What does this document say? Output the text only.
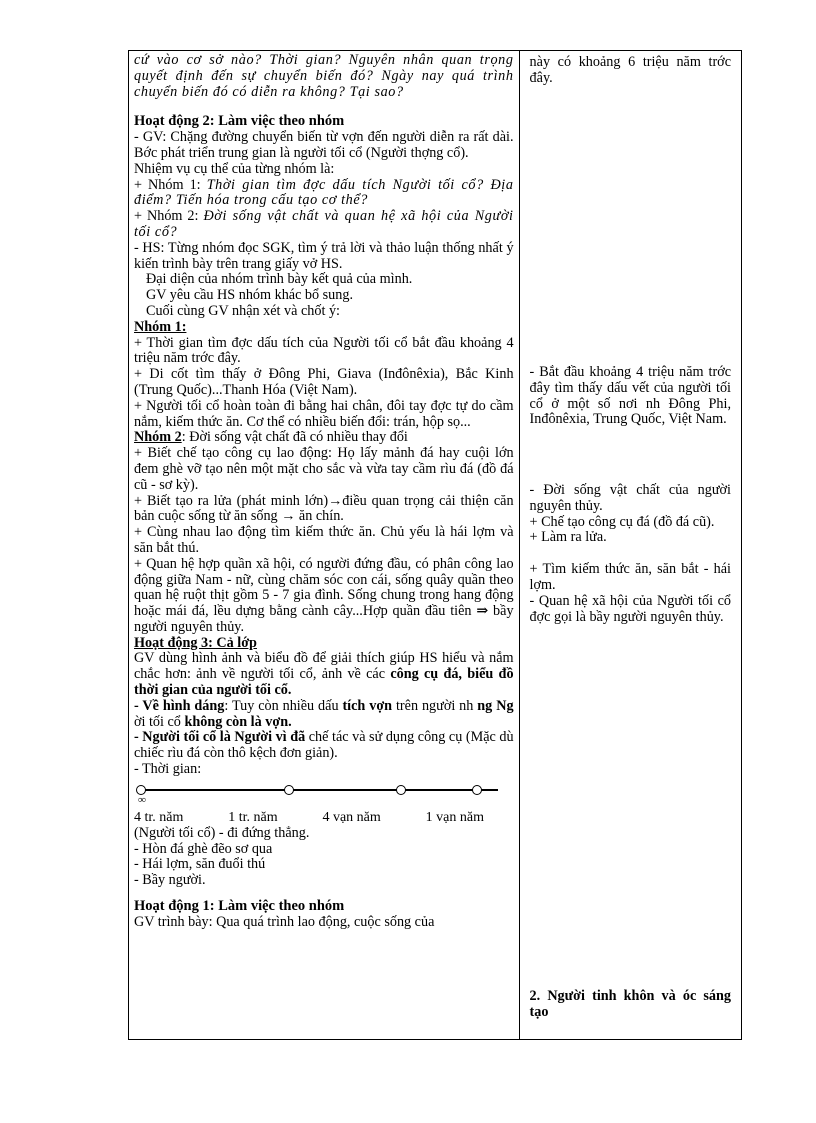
cứ vào cơ sở nào? Thời gian? Nguyên nhân quan trọng quyết định đến sự chuyển biến đó? Ngày nay quá trình chuyển biến đó có diễn ra không? Tại sao?

Hoạt động 2: Làm việc theo nhóm

- GV: Chặng đường chuyển biến từ vợn đến người diễn ra rất dài. Bớc phát triển trung gian là người tối cổ (Người thợng cổ).

Nhiệm vụ cụ thể của từng nhóm là:

+ Nhóm 1: Thời gian tìm đợc dấu tích Người tối cổ? Địa điểm? Tiến hóa trong cấu tạo cơ thể?

+ Nhóm 2: Đời sống vật chất và quan hệ xã hội của Người tối cổ?

- HS: Từng nhóm đọc SGK, tìm ý trả lời và thảo luận thống nhất ý kiến trình bày trên trang giấy vở HS.

Đại diện của nhóm trình bày kết quả của mình.

GV yêu cầu HS nhóm khác bổ sung.

Cuối cùng GV nhận xét và chốt ý:

Nhóm 1:

+ Thời gian tìm đợc dấu tích của Người tối cổ bắt đầu khoảng 4 triệu năm trớc đây.

+ Di cốt tìm thấy ở Đông Phi, Giava (Inđônêxia), Bắc Kinh (Trung Quốc)...Thanh Hóa (Việt Nam).

+ Người tối cổ hoàn toàn đi bằng hai chân, đôi tay đợc tự do cầm nắm, kiếm thức ăn. Cơ thể có nhiều biến đổi: trán, hộp sọ...

Nhóm 2: Đời sống vật chất đã có nhiều thay đổi

+ Biết chế tạo công cụ lao động: Họ lấy mảnh đá hay cuội lớn đem ghè vỡ tạo nên một mặt cho sắc và vừa tay cầm rìu đá (đồ đá cũ - sơ kỳ).

+ Biết tạo ra lửa (phát minh lớn)→điều quan trọng cải thiện căn bản cuộc sống từ ăn sống → ăn chín.

+ Cùng nhau lao động tìm kiếm thức ăn. Chủ yếu là hái lợm và săn bắt thú.

+ Quan hệ hợp quần xã hội, có người đứng đầu, có phân công lao động giữa Nam - nữ, cùng chăm sóc con cái, sống quây quần theo quan hệ ruột thịt gồm 5 - 7 gia đình. Sống chung trong hang động hoặc mái đá, lều dựng bằng cành cây...Hợp quần đầu tiên ⇒ bầy người nguyên thủy.

Hoạt động 3: Cả lớp

GV dùng hình ảnh và biểu đồ để giải thích giúp HS hiểu và nắm chắc hơn: ảnh về người tối cổ, ảnh về các công cụ đá, biểu đồ thời gian của người tối cổ.

- Về hình dáng: Tuy còn nhiều dấu tích vợn trên người nh ng Ng ời tối cổ không còn là vợn.

- Người tối cổ là Người vì đã chế tác và sử dụng công cụ (Mặc dù chiếc rìu đá còn thô kệch đơn giản).

- Thời gian:

∞
4 tr. năm	1 tr. năm	4 vạn năm	1 vạn năm

(Người tối cổ) - đi đứng thẳng.

- Hòn đá ghè đẽo sơ qua

- Hái lợm, săn đuổi thú

- Bầy người.

Hoạt động 1: Làm việc theo nhóm

GV trình bày: Qua quá trình lao động, cuộc sống của

này có khoảng 6 triệu năm trớc đây.

- Bắt đầu khoảng 4 triệu năm trớc đây tìm thấy dấu vết của người tối cổ ở một số nơi nh Đông Phi, Inđônêxia, Trung Quốc, Việt Nam.

- Đời sống vật chất của người nguyên thủy.

+ Chế tạo công cụ đá (đồ đá cũ).

+ Làm ra lửa.

+ Tìm kiếm thức ăn, săn bắt - hái lợm.

- Quan hệ xã hội của Người tối cổ đợc gọi là bầy người nguyên thủy.

2. Người tinh khôn và óc sáng tạo
